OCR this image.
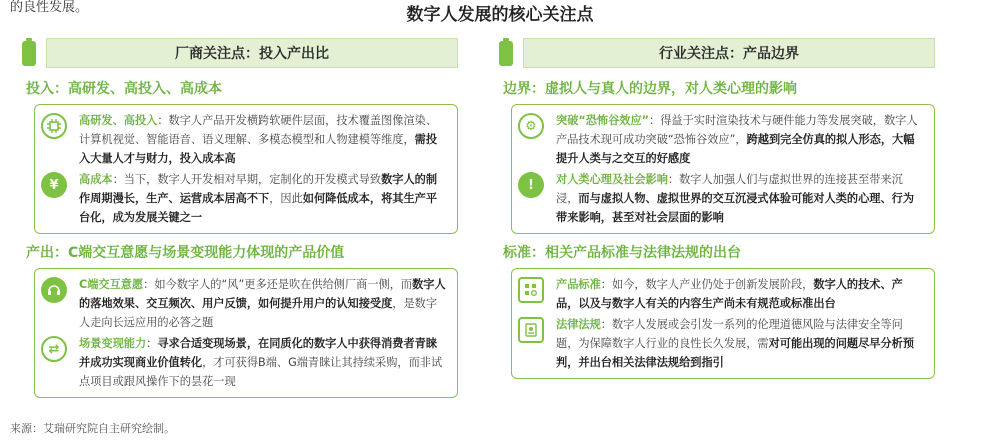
的良性发展。	数字人发展的核心关注点
厂商关注点：投入产出比
投入：高研发、高投入、高成本
高研发、高投入：数字人产品开发横跨软硬件层面，技术覆盖图像渲染、计算机视觉、智能语音、语义理解、多模态模型和人物建模等维度，需投入大量人才与财力，投入成本高
¥	高成本：当下，数字人开发相对早期，定制化的开发模式导致数字人的制作周期漫长，生产、运营成本居高不下，因此如何降低成本，将其生产平台化，成为发展关键之一
产出：C端交互意愿与场景变现能力体现的产品价值
C端交互意愿：如今数字人的“风”更多还是吹在供给侧厂商一侧，而数字人的落地效果、交互频次、用户反馈，如何提升用户的认知接受度，是数字人走向长远应用的必答之题
⇄	场景变现能力：寻求合适变现场景，在同质化的数字人中获得消费者青睐并成功实现商业价值转化，才可获得B端、G端青睐让其持续采购，而非试点项目或跟风操作下的昙花一现
行业关注点：产品边界
边界：虚拟人与真人的边界，对人类心理的影响
⚙	突破“恐怖谷效应”：得益于实时渲染技术与硬件能力等发展突破，数字人产品技术现可成功突破“恐怖谷效应”，跨越到完全仿真的拟人形态，大幅提升人类与之交互的好感度
!	对人类心理及社会影响：数字人加强人们与虚拟世界的连接甚至带来沉浸，而与虚拟人物、虚拟世界的交互沉浸式体验可能对人类的心理、行为带来影响，甚至对社会层面的影响
标准：相关产品标准与法律法规的出台
产品标准：如今，数字人产业仍处于创新发展阶段，数字人的技术、产品，以及与数字人有关的内容生产尚未有规范或标准出台
法律法规：数字人发展或会引发一系列的伦理道德风险与法律安全等问题，为保障数字人行业的良性长久发展，需对可能出现的问题尽早分析预判，并出台相关法律法规给到指引
来源：艾瑞研究院自主研究绘制。
